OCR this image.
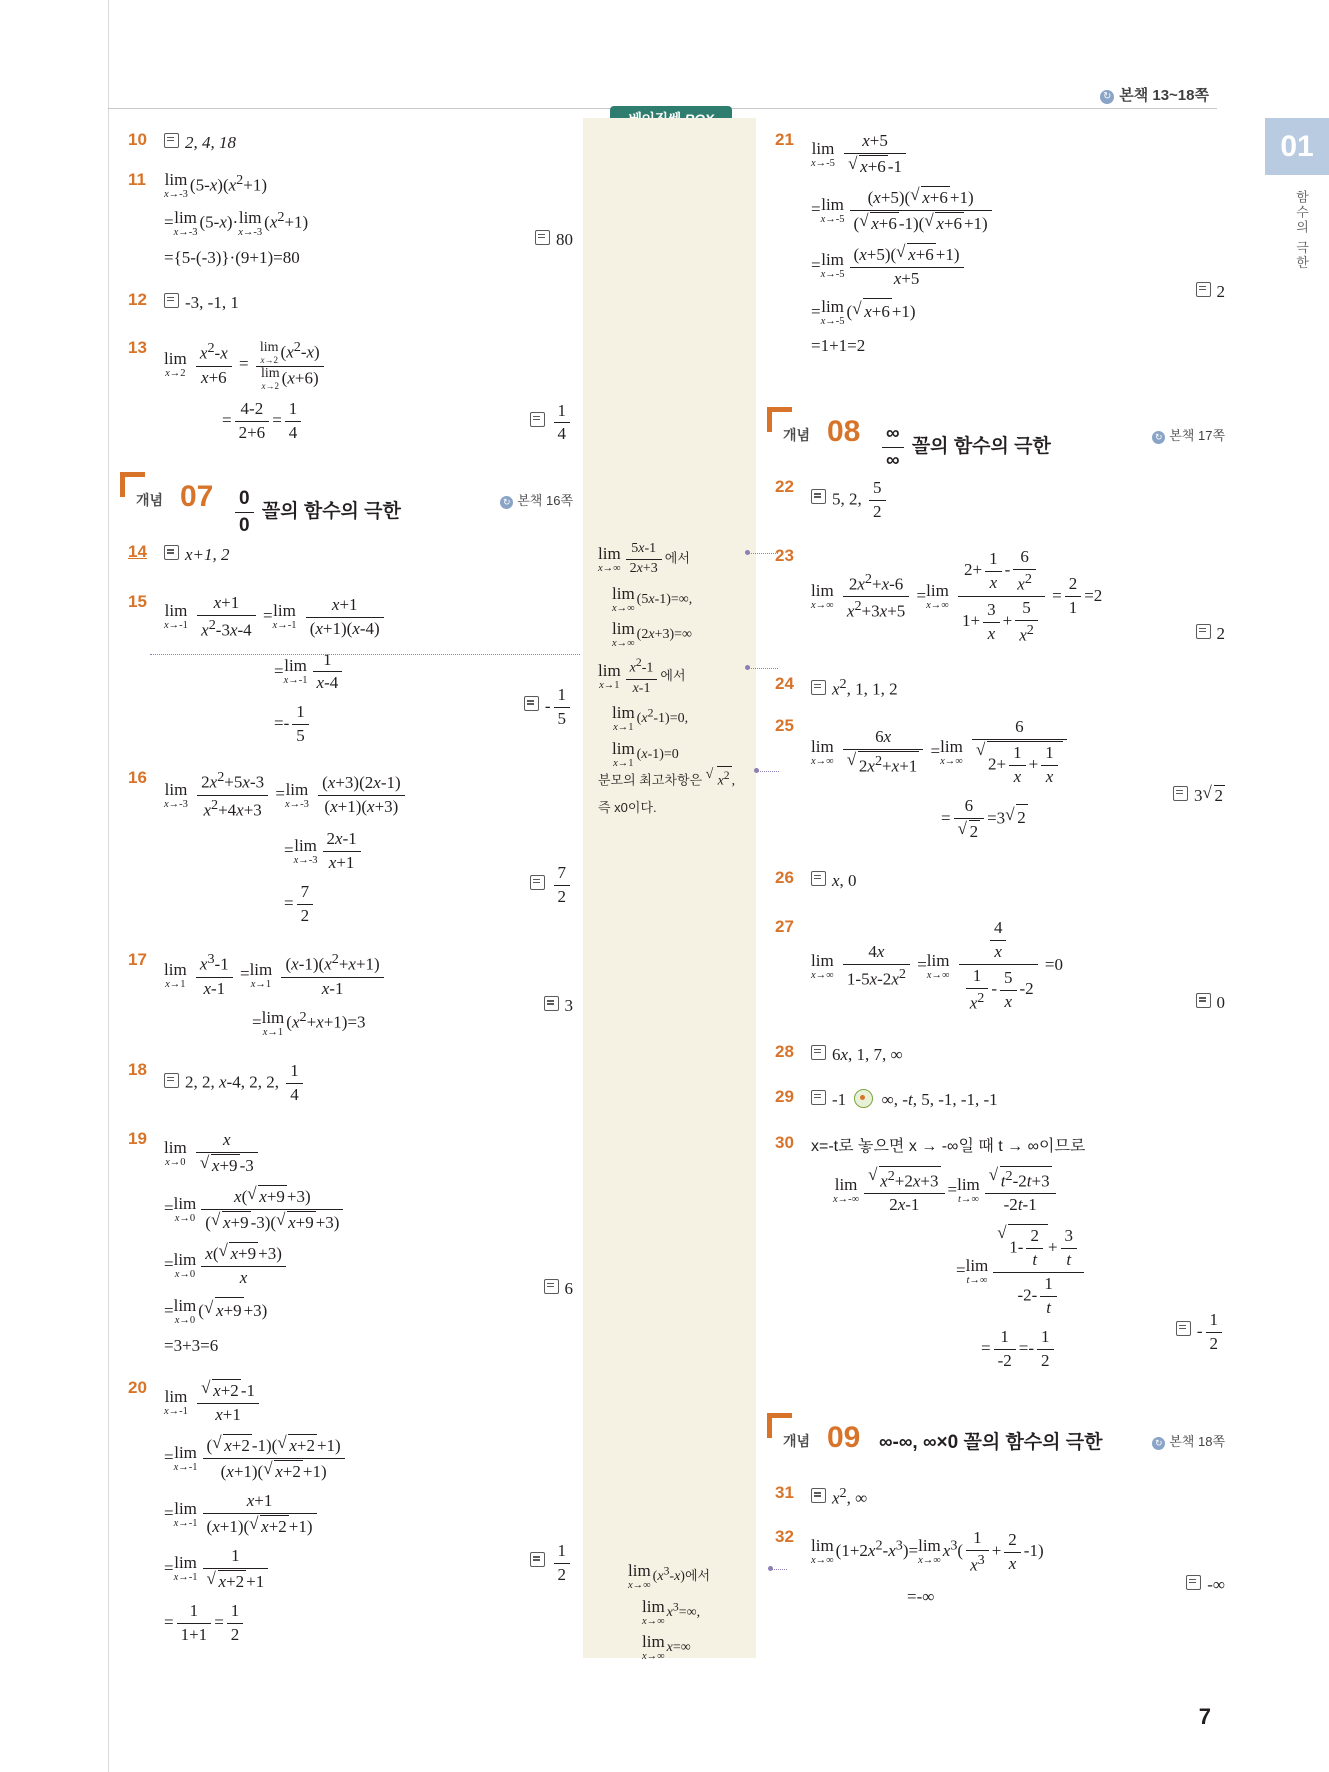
↻ 본책 13~18쪽
01
함수의 극한
10	2, 4, 18
11 lim
x→-3
$(5-x)(x^2+1)$
= lim
x→-3
(5-x)· lim
x→-3
$(x^2+1)$
={5-(-3)}·(9+1)=80
80
12	-3, -1, 1
13
lim
x→2
$\frac{x^2-x}{x+6} = \lim$
x→2 $(x^2-x)$
lim
x→2 (x+6)
= $\frac{4-2}{2+6} = \frac{1}{4}$	$\frac{1}{4}$
개념 $07 \frac{0}{0}$ 꼴의 함수의 극한	↻ 본책 16쪽
14	x+1, 2
15 lim
x→-1
$\frac{x+1}{x^2-3x-4} = \lim$
x→-1
$\frac{x+1}{(x+1)(x-4)}$
= lim
$x\to-1 \frac{1}{x-4}$
=- $\frac{1}{5}$	- $\frac{1}{5}$
16
lim
x→-3
$\frac{2x^2+5x-3}{x^2+4x+3} = \lim$
x→-3
$\frac{(x+3)(2x-1)}{(x+1)(x+3)}$
= lim
$x\to-3 \frac{2x-1}{x+1}$
= $\frac{7}{2}$	$\frac{7}{2}$
17 lim
x→1
$\frac{x^3-1}{x-1} = \lim$
x→1
$\frac{(x-1)(x^2+x+1)}{x-1}$
= lim
x→1
$(x^2+x+1)=3$
3
18
2, 2, x-4, 2, 2, $\frac{1}{4}$
19 lim
x→0
x
√ x+9 -3
= lim
$x\to 0 \frac{x( √ x+9 +3)}{( √ x+9 -3)( √ x+9 +3)}$
= lim
$x\to 0 \frac{x( √ x+9 +3)}{x}$
= lim
x→0
( √ x+9 +3)
=3+3=6
6
20 lim
x→-1
√ $\frac{x+2 -1}{x+1}$
= lim
$x\to-1 \frac{( √ x+2 -1)( √ x+2 +1)}{(x+1)( √ x+2 +1)}$
= lim
$x\to-1 \frac{x+1}{(x+1)( √ x+2 +1)}$
= lim
x→-1 1
√ x+2 +1
= $\frac{1}{1+1} = \frac{1}{2}$
$\frac{1}{2}$
lim
$x\to\infty \frac{5x-1}{2x+3}$ 에서
lim
x→∞
(5x-1)=∞,
lim
x→∞
(2x+3)=∞
lim
$x\to 1 \frac{x^2-1}{x-1}$ 에서
lim
x→1
$(x^2-1)=0$,
lim
x→1
(x-1)=0
분모의 최고차항은 √ $x^2$ ,
즉 x0이다.
lim
x→∞
$(x^3-x)$에서
lim
x→∞
$x^3=\infty$,
lim
x→∞
x=∞
21 lim
x→-5
x+5
√ x+6 -1
= lim
$x\to-5 \frac{(x+5)( √ x+6 +1)}{( √ x+6 -1)( √ x+6 +1)}$
= lim
$x\to-5 \frac{(x+5)( √ x+6 +1)}{x+5}$
= lim
x→-5
( √ x+6 +1)
=1+1=2
2
개념 $08 \frac{\infty}{\infty}$ 꼴의 함수의 극한	↻ 본책 17쪽
22
5, 2, $\frac{5}{2}$
23
lim
x→∞
$\frac{2x^2+x-6}{x^2+3x+5} = \lim$
x→∞
$\frac{2+ \frac{1}{x} - \frac{6}{x^2}}{1+ \frac{3}{x} + \frac{5}{x^2}} = \frac{2}{1} =2$
2
24	$x^2$, 1, 1, 2
25
lim
x→∞
6x
√ $2x^2+x+1 = \lim$
x→∞
6
√ $2+ \frac{1}{x} + \frac{1}{x}$
= 6
√ 2 =3 √ 2
3 √ 2
26	x, 0
27
lim
x→∞
$\frac{4x}{1-5x-2x^2} = \lim$
x→∞
$\frac{\frac{4}{x}}{\frac{1}{x^2} - \frac{5}{x} -2} =0$
0
28	6x, 1, 7, ∞
29	-1  ∞, -t, 5, -1, -1, -1
30 x=-t로 놓으면 x → -∞일 때 t → ∞이므로
lim
x→-∞ √ $\frac{x^2+2x+3}{2x-1} = \lim$
t→∞ √ $\frac{t^2-2t+3}{-2t-1}$
= lim
t→∞ √ $\frac{1- \frac{2}{t} + \frac{3}{t}}{-2- \frac{1}{t}}$
= $\frac{1}{-2} =- \frac{1}{2}$	- $\frac{1}{2}$
개념 09 ∞-∞, ∞×0 꼴의 함수의 극한	↻ 본책 18쪽
31	$x^2$, ∞
32 lim
x→∞
$(1+2x^2-x^3)= \lim$
x→∞
$x^3( \frac{1}{x^3} + \frac{2}{x} -1)$
=-∞
-∞
7
